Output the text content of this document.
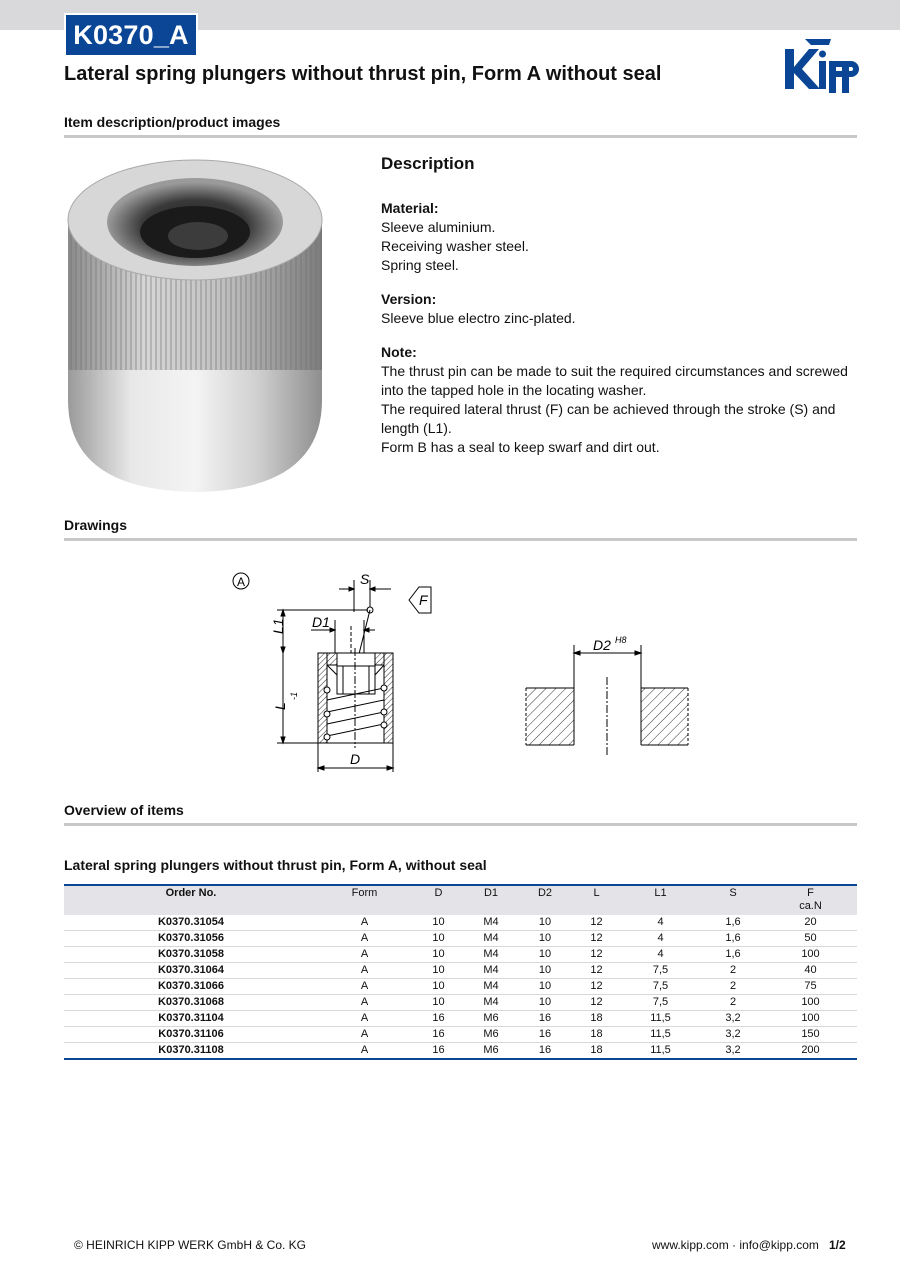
K0370_A
Lateral spring plungers without thrust pin, Form A without seal
Item description/product images
Description
Material:
Sleeve aluminium.
Receiving washer steel.
Spring steel.
Version:
Sleeve blue electro zinc-plated.
Note:
The thrust pin can be made to suit the required circumstances and screwed into the tapped hole in the locating washer.
The required lateral thrust (F) can be achieved through the stroke (S) and length (L1).
Form B has a seal to keep swarf and dirt out.
Drawings
A	S
F
L1 D1
L
-1
D
D2 H8
Overview of items
Lateral spring plungers without thrust pin, Form A, without seal
Order No.	Form	D	D1	D2	L	L1	S	F
ca.N
K0370.31054	A	10	M4	10	12	4	1,6	20
K0370.31056	A	10	M4	10	12	4	1,6	50
K0370.31058	A	10	M4	10	12	4	1,6	100
K0370.31064	A	10	M4	10	12	7,5	2	40
K0370.31066	A	10	M4	10	12	7,5	2	75
K0370.31068	A	10	M4	10	12	7,5	2	100
K0370.31104	A	16	M6	16	18	11,5	3,2	100
K0370.31106	A	16	M6	16	18	11,5	3,2	150
K0370.31108	A	16	M6	16	18	11,5	3,2	200
© HEINRICH KIPP WERK GmbH & Co. KG	www.kipp.com · info@kipp.com 1/2
